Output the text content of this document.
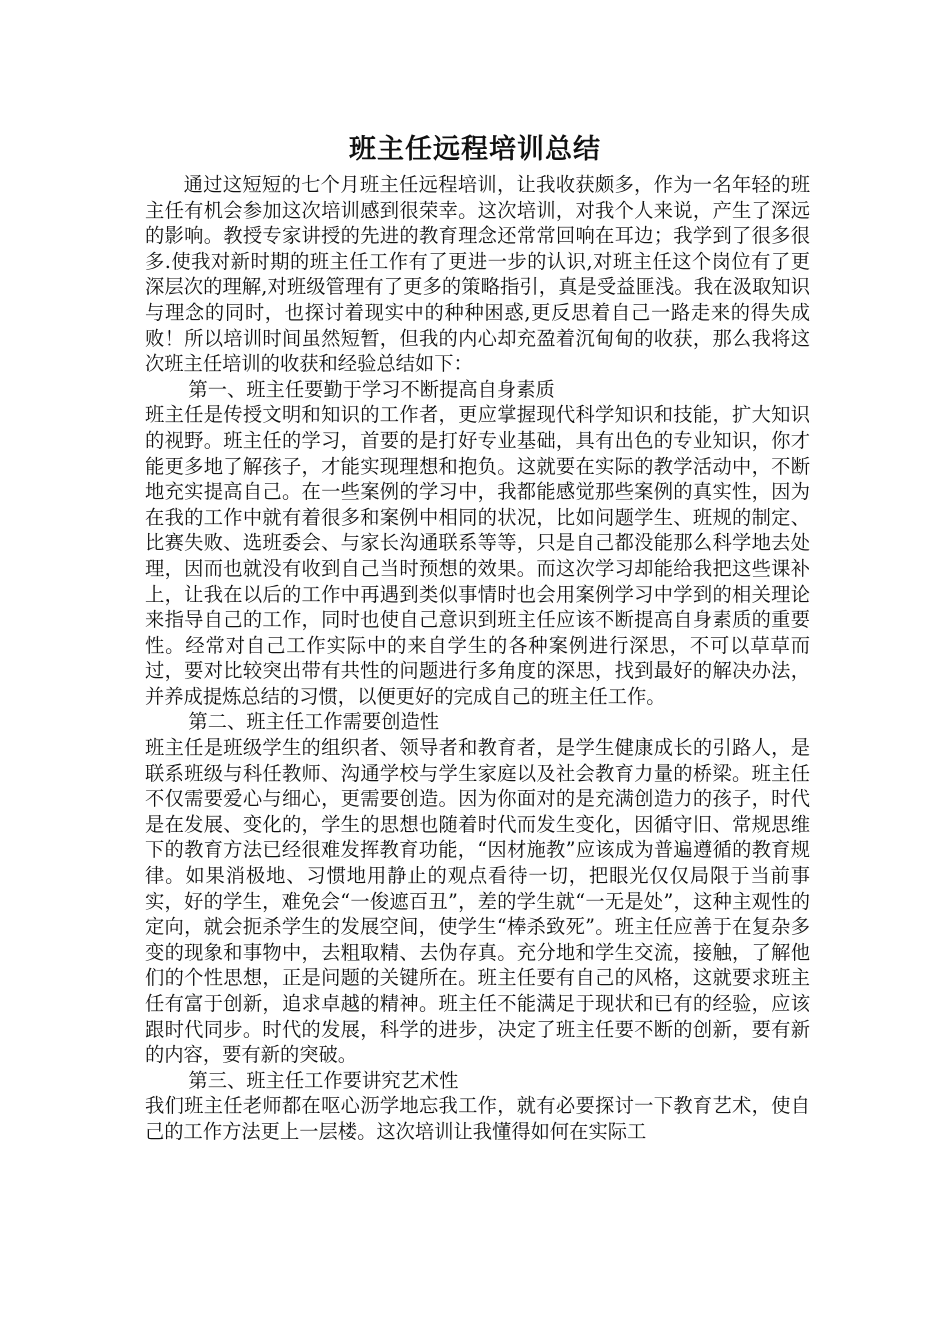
班主任远程培训总结

通过这短短的七个月班主任远程培训，让我收获颇多，作为一名年轻的班主任有机会参加这次培训感到很荣幸。这次培训，对我个人来说，产生了深远的影响。教授专家讲授的先进的教育理念还常常回响在耳边；我学到了很多很多.使我对新时期的班主任工作有了更进一步的认识,对班主任这个岗位有了更深层次的理解,对班级管理有了更多的策略指引，真是受益匪浅。我在汲取知识与理念的同时，也探讨着现实中的种种困惑,更反思着自己一路走来的得失成败！所以培训时间虽然短暂，但我的内心却充盈着沉甸甸的收获，那么我将这次班主任培训的收获和经验总结如下：

第一、班主任要勤于学习不断提高自身素质

班主任是传授文明和知识的工作者，更应掌握现代科学知识和技能，扩大知识的视野。班主任的学习，首要的是打好专业基础，具有出色的专业知识，你才能更多地了解孩子，才能实现理想和抱负。这就要在实际的教学活动中，不断地充实提高自己。在一些案例的学习中，我都能感觉那些案例的真实性，因为在我的工作中就有着很多和案例中相同的状况，比如问题学生、班规的制定、比赛失败、选班委会、与家长沟通联系等等，只是自己都没能那么科学地去处理，因而也就没有收到自己当时预想的效果。而这次学习却能给我把这些课补上，让我在以后的工作中再遇到类似事情时也会用案例学习中学到的相关理论来指导自己的工作，同时也使自己意识到班主任应该不断提高自身素质的重要性。经常对自己工作实际中的来自学生的各种案例进行深思，不可以草草而过，要对比较突出带有共性的问题进行多角度的深思，找到最好的解决办法，并养成提炼总结的习惯，以便更好的完成自己的班主任工作。

第二、班主任工作需要创造性

班主任是班级学生的组织者、领导者和教育者，是学生健康成长的引路人，是联系班级与科任教师、沟通学校与学生家庭以及社会教育力量的桥梁。班主任不仅需要爱心与细心，更需要创造。因为你面对的是充满创造力的孩子，时代是在发展、变化的，学生的思想也随着时代而发生变化，因循守旧、常规思维下的教育方法已经很难发挥教育功能，“因材施教”应该成为普遍遵循的教育规律。如果消极地、习惯地用静止的观点看待一切，把眼光仅仅局限于当前事实，好的学生，难免会“一俊遮百丑”，差的学生就“一无是处”，这种主观性的定向，就会扼杀学生的发展空间，使学生“棒杀致死”。班主任应善于在复杂多变的现象和事物中，去粗取精、去伪存真。充分地和学生交流，接触，了解他们的个性思想，正是问题的关键所在。班主任要有自己的风格，这就要求班主任有富于创新，追求卓越的精神。班主任不能满足于现状和已有的经验，应该跟时代同步。时代的发展，科学的进步，决定了班主任要不断的创新，要有新的内容，要有新的突破。

第三、班主任工作要讲究艺术性

我们班主任老师都在呕心沥学地忘我工作，就有必要探讨一下教育艺术，使自己的工作方法更上一层楼。这次培训让我懂得如何在实际工
